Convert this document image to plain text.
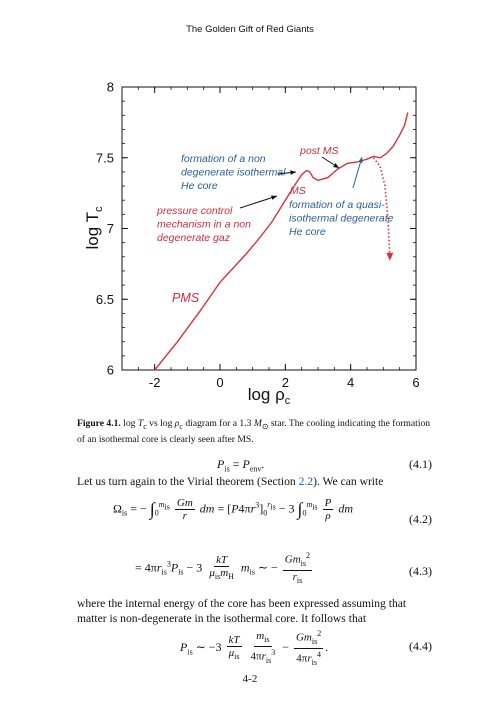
The Golden Gift of Red Giants
-2	0	2	4	6
6
6.5
7
7.5
8
$\log \rho_c$
$\log T_c$
PMS
pressure control mechanism in a non degenerate gaz
formation of a non degenerate isothermal He core
post MS
MS
formation of a quasi-isothermal degenerate He core
Figure 4.1. $\log T_c$ vs $\log \rho_c$ diagram for a 1.3 $M_⊙$ star. The cooling indicating the formation of an isothermal core is clearly seen after MS.
$P_{is} = P_{env}$.	(4.1)
Let us turn again to the Virial theorem (Section 2.2). We can write
$\Omega_{is}$ = − $\int_0^{m_{is}} \frac{Gm}{r}$ dm = $[P4\pi r^3]_0^{r_{is}} - 3$ $\int_0^{m_{is}} \frac{P}{\rho}$ dm
(4.2)
= $4\pi r_{is}^3P_{is} - 3 \frac{kT}{\mu_{is}m_H} m_{is}$ ∼ − $\frac{Gm_{is}^2}{r_{is}}$	(4.3)
where the internal energy of the core has been expressed assuming that matter is non-degenerate in the isothermal core. It follows that
$P_{is}$ ∼ $-3 \frac{kT}{\mu_{is}}$
$\frac{m_{is}}{4\pi r_{is}^3} - \frac{Gm_{is}^2}{4\pi r_{is}^4}$ .	(4.4)
4-2
